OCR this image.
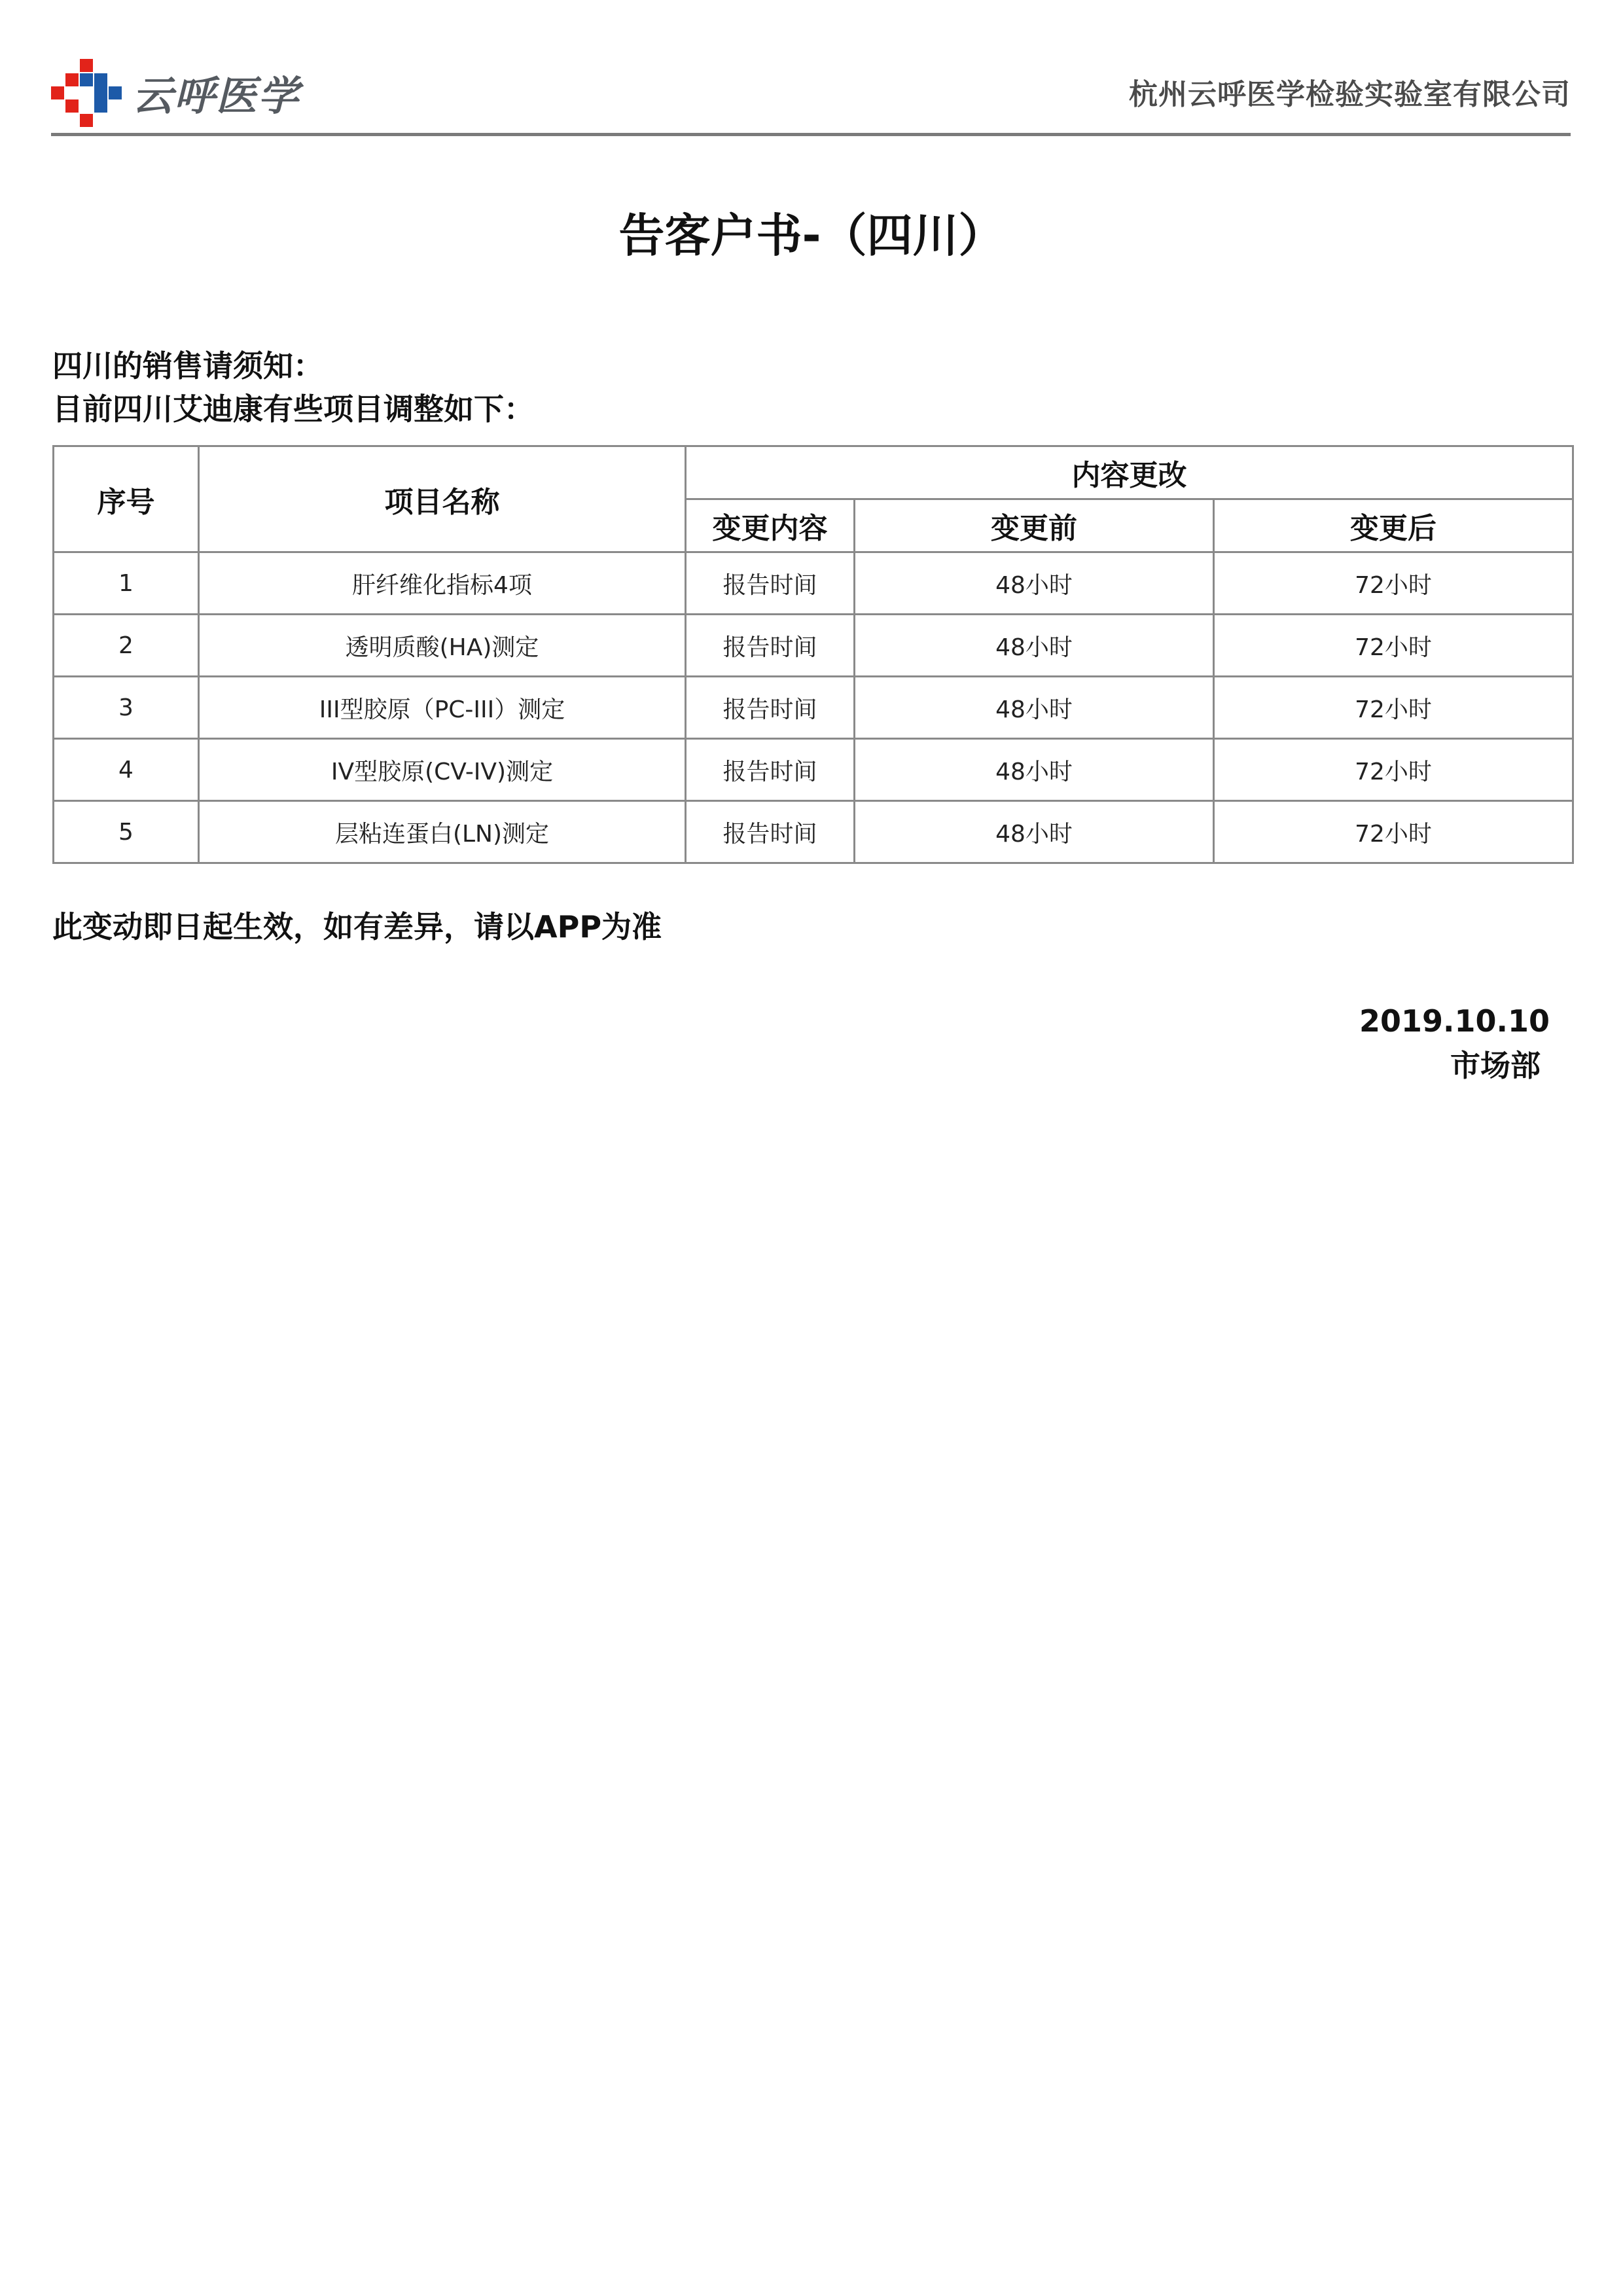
云呼医学	杭州云呼医学检验实验室有限公司
告客户书-（四川）
四川的销售请须知：
目前四川艾迪康有些项目调整如下：
序号	项目名称	内容更改		
		变更内容	变更前	变更后
1	肝纤维化指标4项	报告时间	48小时	72小时
2	透明质酸(HA)测定	报告时间	48小时	72小时
3	III型胶原（PC-III）测定	报告时间	48小时	72小时
4	IV型胶原(CV-IV)测定	报告时间	48小时	72小时
5	层粘连蛋白(LN)测定	报告时间	48小时	72小时
此变动即日起生效，如有差异，请以APP为准
2019.10.10
市场部
